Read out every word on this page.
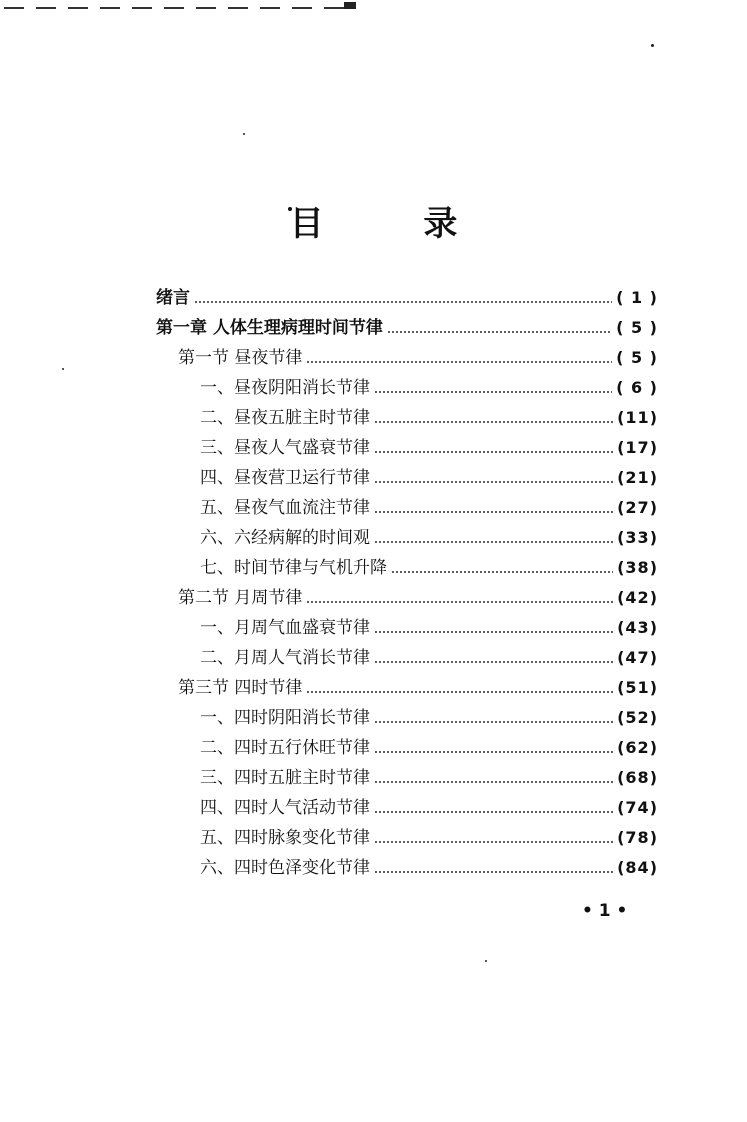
目 录
绪言	( 1 )
第一章 人体生理病理时间节律	( 5 )
第一节 昼夜节律	( 5 )
一、昼夜阴阳消长节律	( 6 )
二、昼夜五脏主时节律	(11)
三、昼夜人气盛衰节律	(17)
四、昼夜营卫运行节律	(21)
五、昼夜气血流注节律	(27)
六、六经病解的时间观	(33)
七、时间节律与气机升降	(38)
第二节 月周节律	(42)
一、月周气血盛衰节律	(43)
二、月周人气消长节律	(47)
第三节 四时节律	(51)
一、四时阴阳消长节律	(52)
二、四时五行休旺节律	(62)
三、四时五脏主时节律	(68)
四、四时人气活动节律	(74)
五、四时脉象变化节律	(78)
六、四时色泽变化节律	(84)
• 1 •
